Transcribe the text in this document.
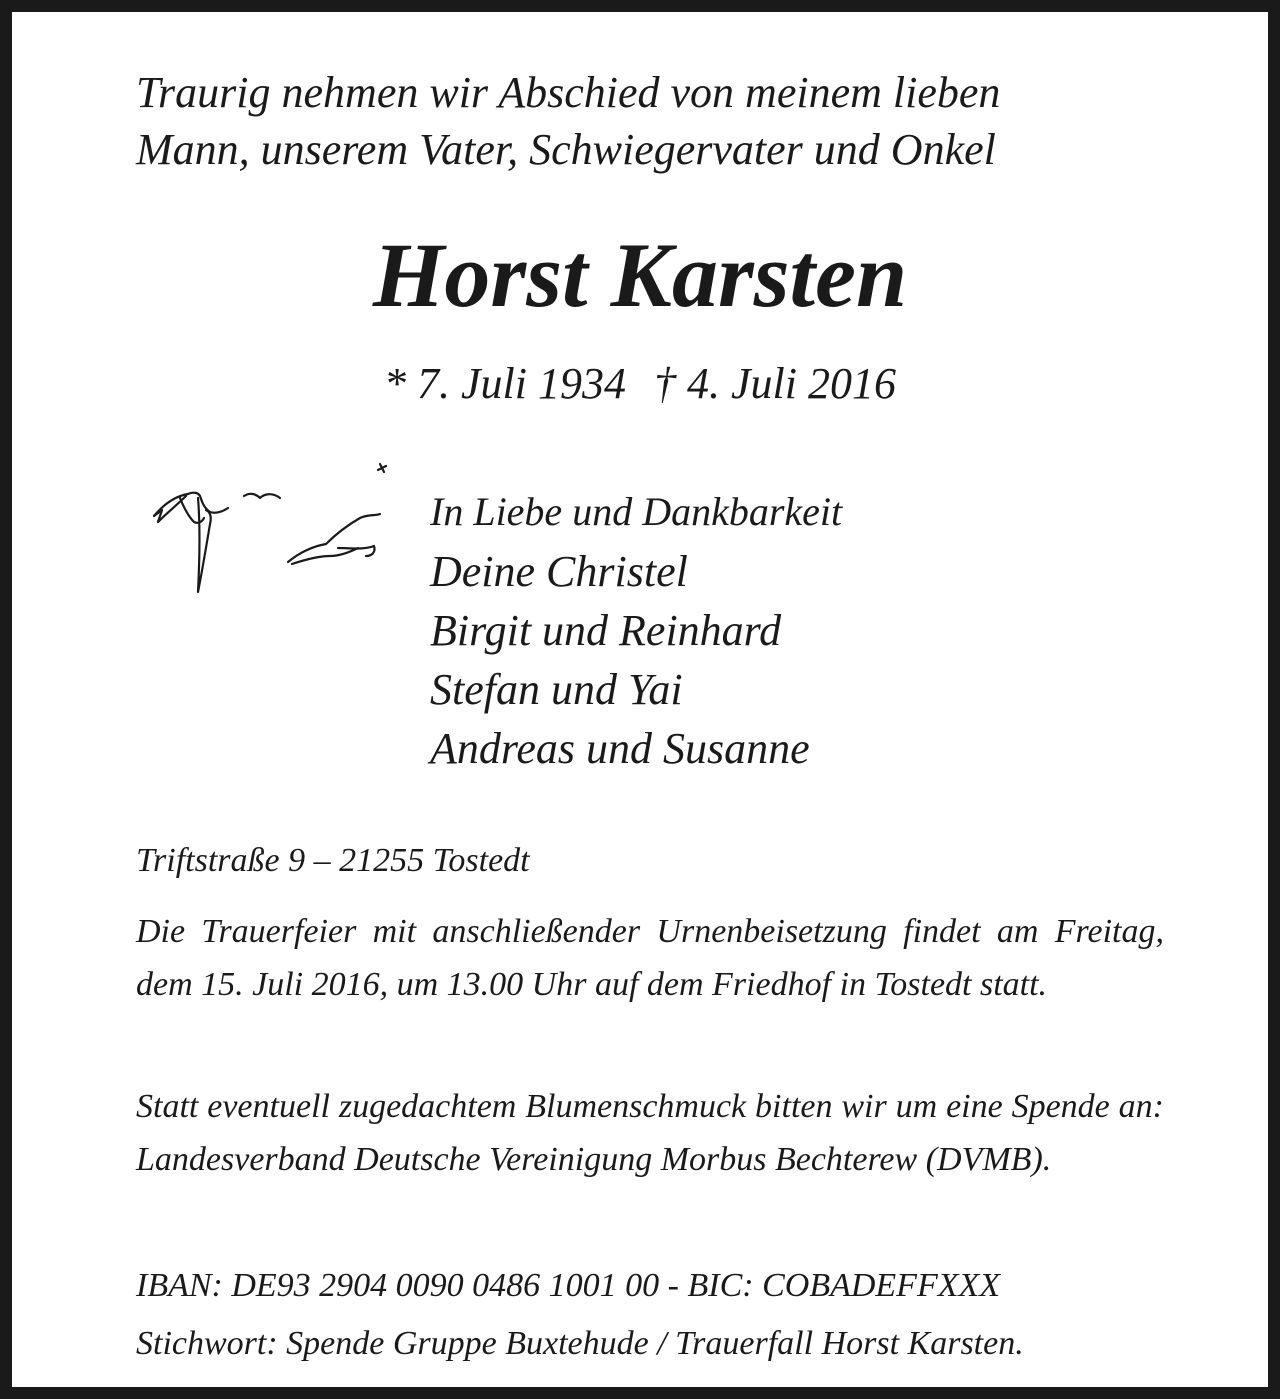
Traurig nehmen wir Abschied von meinem lieben
Mann, unserem Vater, Schwiegervater und Onkel
Horst Karsten
* 7. Juli 1934 † 4. Juli 2016
In Liebe und Dankbarkeit
Deine Christel
Birgit und Reinhard
Stefan und Yai
Andreas und Susanne
Triftstraße 9 – 21255 Tostedt
Die Trauerfeier mit anschließender Urnenbeisetzung findet am Freitag, dem 15. Juli 2016, um 13.00 Uhr auf dem Friedhof in Tostedt statt.
Statt eventuell zugedachtem Blumenschmuck bitten wir um eine Spende an: Landesverband Deutsche Vereinigung Morbus Bechterew (DVMB).
IBAN: DE93 2904 0090 0486 1001 00 - BIC: COBADEFFXXX
Stichwort: Spende Gruppe Buxtehude / Trauerfall Horst Karsten.
